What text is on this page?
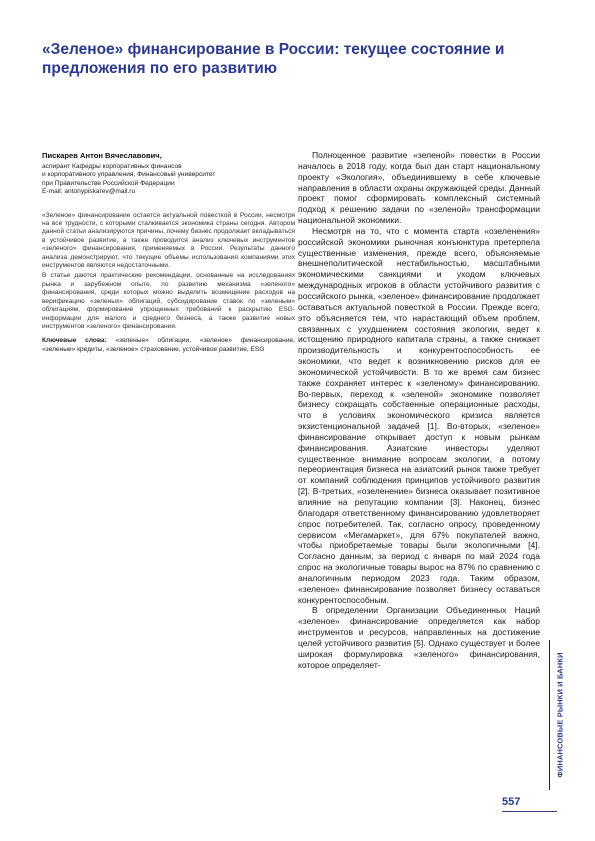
«Зеленое» финансирование в России: текущее состояние и предложения по его развитию

Пискарев Антон Вячеславович,

аспирант Кафедры корпоративных финансов

и корпоративного управления, Финансовый университет

при Правительстве Российской Федерации

E-mail: antonypiskarev@mail.ru

«Зеленое» финансирование остается актуальной повесткой в России, несмотря на все трудности, с которыми сталкивается экономика страны сегодня. Автором данной статьи анализируются причины, почему бизнес продолжает вкладываться в устойчивое развитие, а также проводится анализ ключевых инструментов «зеленого» финансирования, применяемых в России. Результаты данного анализа демонстрируют, что текущие объемы использования компаниями этих инструментов являются недостаточными.

В статье даются практические рекомендации, основанные на исследованиях рынка и зарубежном опыте, по развитию механизма «зеленого» финансирования, среди которых можно выделить возмещение расходов на верификацию «зеленых» облигаций, субсидирование ставок по «зеленым» облигациям, формирование упрощенных требований к раскрытию ESG-информации для малого и среднего бизнеса, а также развитие новых инструментов «зеленого» финансирования.

Ключевые слова: «зеленые» облигации, «зеленое» финансирование, «зеленые» кредиты, «зеленое» страхование, устойчивое развитие, ESG

Полноценное развитие «зеленой» повестки в России началось в 2018 году, когда был дан старт национальному проекту «Экология», объединившему в себе ключевые направления в области охраны окружающей среды. Данный проект помог сформировать комплексный системный подход к решению задачи по «зеленой» трансформации национальной экономики.

Несмотря на то, что с момента старта «озеленения» российской экономики рыночная конъюнктура претерпела существенные изменения, прежде всего, объясняемые внешнеполитической нестабильностью, масштабными экономическими санкциями и уходом ключевых международных игроков в области устойчивого развития с российского рынка, «зеленое» финансирование продолжает оставаться актуальной повесткой в России. Прежде всего, это объясняется тем, что нарастающий объем проблем, связанных с ухудшением состояния экологии, ведет к истощению природного капитала страны, а также снижает производительность и конкурентоспособность ее экономики, что ведет к возникновению рисков для ее экономической устойчивости. В то же время сам бизнес также сохраняет интерес к «зеленому» финансированию. Во-первых, переход к «зеленой» экономике позволяет бизнесу сокращать собственные операционные расходы, что в условиях экономического кризиса является экзистенциональной задачей [1]. Во-вторых, «зеленое» финансирование открывает доступ к новым рынкам финансирования. Азиатские инвесторы уделяют существенное внимание вопросам экологии, а потому переориентация бизнеса на азиатский рынок также требует от компаний соблюдения принципов устойчивого развития [2]. В-третьих, «озеленение» бизнеса оказывает позитивное влияние на репутацию компании [3]. Наконец, бизнес благодаря ответственному финансированию удовлетворяет спрос потребителей. Так, согласно опросу, проведенному сервисом «Мегамаркет», для 67% покупателей важно, чтобы приобретаемые товары были экологичными [4]. Согласно данным, за период с января по май 2024 года спрос на экологичные товары вырос на 87% по сравнению с аналогичным периодом 2023 года. Таким образом, «зеленое» финансирование позволяет бизнесу оставаться конкурентоспособным.

В определении Организации Объединенных Наций «зеленое» финансирование определяется как набор инструментов и ресурсов, направленных на достижение целей устойчивого развития [5]. Однако существует и более широкая формулировка «зеленого» финансирования, которое определяет-	ФИНАНСОВЫЕ РЫНКИ И БАНКИ
557
